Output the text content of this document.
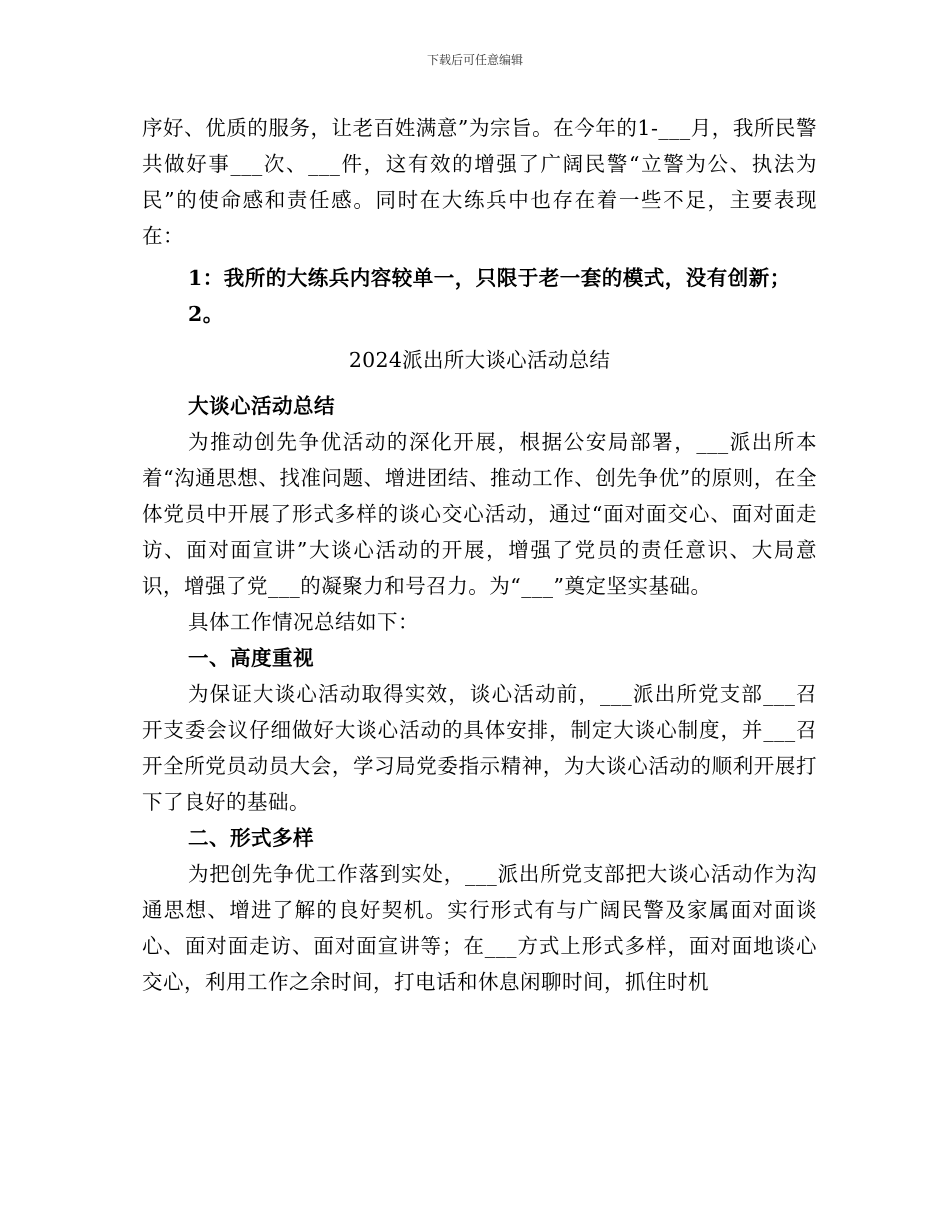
下载后可任意编辑

序好、优质的服务，让老百姓满意”为宗旨。在今年的1-___月，我所民警共做好事___次、___件，这有效的增强了广阔民警“立警为公、执法为民”的使命感和责任感。同时在大练兵中也存在着一些不足，主要表现在：

1：我所的大练兵内容较单一，只限于老一套的模式，没有创新；

2。

2024派出所大谈心活动总结

大谈心活动总结

为推动创先争优活动的深化开展，根据公安局部署，___派出所本着“沟通思想、找准问题、增进团结、推动工作、创先争优”的原则，在全体党员中开展了形式多样的谈心交心活动，通过“面对面交心、面对面走访、面对面宣讲”大谈心活动的开展，增强了党员的责任意识、大局意识，增强了党___的凝聚力和号召力。为“___”奠定坚实基础。

具体工作情况总结如下：

一、高度重视

为保证大谈心活动取得实效，谈心活动前，___派出所党支部___召开支委会议仔细做好大谈心活动的具体安排，制定大谈心制度，并___召开全所党员动员大会，学习局党委指示精神，为大谈心活动的顺利开展打下了良好的基础。

二、形式多样

为把创先争优工作落到实处，___派出所党支部把大谈心活动作为沟通思想、增进了解的良好契机。实行形式有与广阔民警及家属面对面谈心、面对面走访、面对面宣讲等；在___方式上形式多样，面对面地谈心交心，利用工作之余时间，打电话和休息闲聊时间，抓住时机
